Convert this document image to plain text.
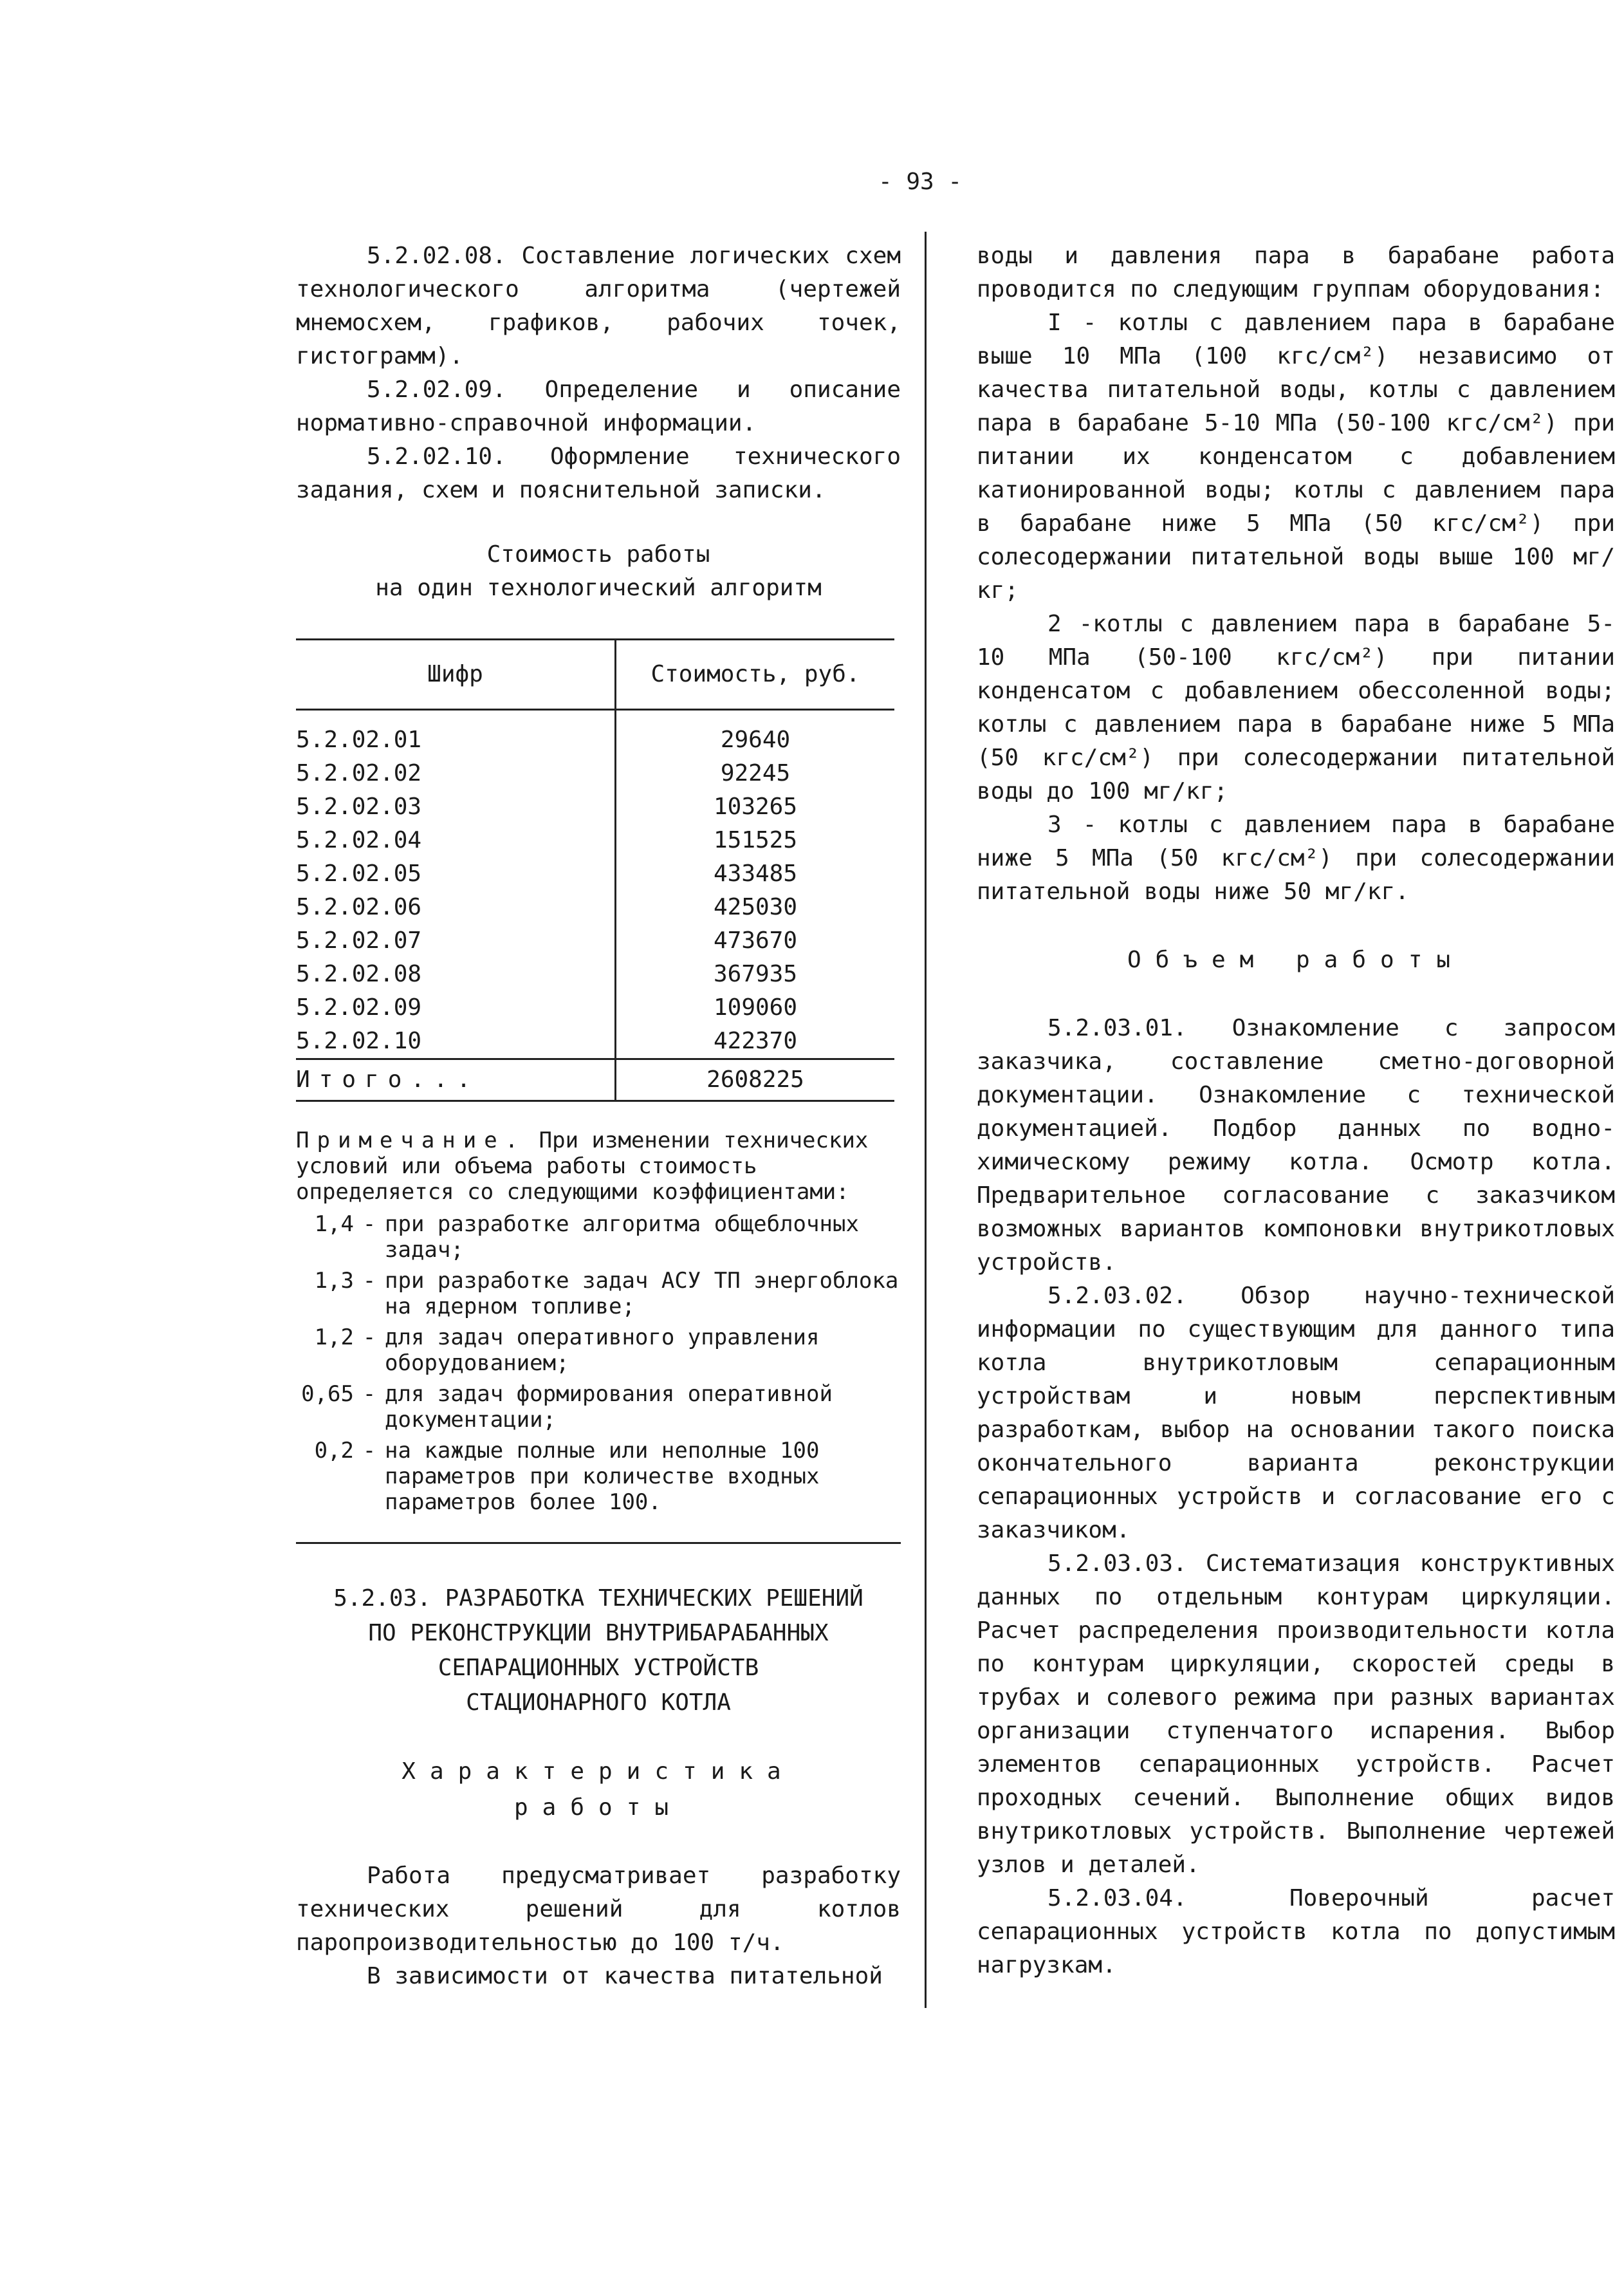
- 93 -

5.2.02.08. Составление логических схем технологического алгоритма (чертежей мнемосхем, графиков, рабочих точек, гистограмм).

5.2.02.09. Определение и описание нормативно-справочной информации.

5.2.02.10. Оформление технического задания, схем и пояснительной записки.

Стоимость работы
на один технологический алгоритм
Шифр	Стоимость, руб.
5.2.02.01	29640
5.2.02.02	92245
5.2.02.03	103265
5.2.02.04	151525
5.2.02.05	433485
5.2.02.06	425030
5.2.02.07	473670
5.2.02.08	367935
5.2.02.09	109060
5.2.02.10	422370
Итого...	2608225
Примечание. При изменении технических условий или объема работы стоимость определяется со следующими коэффициентами:
1,4 - при разработке алгоритма общеблочных задач;
1,3 - при разработке задач АСУ ТП энергоблока на ядерном топливе;
1,2 - для задач оперативного управления оборудованием;
0,65 - для задач формирования оперативной документации;
0,2 - на каждые полные или неполные 100 параметров при количестве входных параметров более 100.
5.2.03. РАЗРАБОТКА ТЕХНИЧЕСКИХ РЕШЕНИЙ
ПО РЕКОНСТРУКЦИИ ВНУТРИБАРАБАННЫХ
СЕПАРАЦИОННЫХ УСТРОЙСТВ
СТАЦИОНАРНОГО КОТЛА
Характеристика
работы

Работа предусматривает разработку технических решений для котлов паропроизводительностью до 100 т/ч.

В зависимости от качества питательной

воды и давления пара в барабане работа проводится по следующим группам оборудования:

I - котлы с давлением пара в барабане выше 10 МПа (100 кгс/см²) независимо от качества питательной воды, котлы с давлением пара в барабане 5-10 МПа (50-100 кгс/см²) при питании их конденсатом с добавлением катионированной воды; котлы с давлением пара в барабане ниже 5 МПа (50 кгс/см²) при солесодержании питательной воды выше 100 мг/кг;

2 -котлы с давлением пара в барабане 5-10 МПа (50-100 кгс/см²) при питании конденсатом с добавлением обессоленной воды; котлы с давлением пара в барабане ниже 5 МПа (50 кгс/см²) при солесодержании питательной воды до 100 мг/кг;

3 - котлы с давлением пара в барабане ниже 5 МПа (50 кгс/см²) при солесодержании питательной воды ниже 50 мг/кг.

Объем работы

5.2.03.01. Ознакомление с запросом заказчика, составление сметно-договорной документации. Ознакомление с технической документацией. Подбор данных по водно-химическому режиму котла. Осмотр котла. Предварительное согласование с заказчиком возможных вариантов компоновки внутрикотловых устройств.

5.2.03.02. Обзор научно-технической информации по существующим для данного типа котла внутрикотловым сепарационным устройствам и новым перспективным разработкам, выбор на основании такого поиска окончательного варианта реконструкции сепарационных устройств и согласование его с заказчиком.

5.2.03.03. Систематизация конструктивных данных по отдельным контурам циркуляции. Расчет распределения производительности котла по контурам циркуляции, скоростей среды в трубах и солевого режима при разных вариантах организации ступенчатого испарения. Выбор элементов сепарационных устройств. Расчет проходных сечений. Выполнение общих видов внутрикотловых устройств. Выполнение чертежей узлов и деталей.

5.2.03.04. Поверочный расчет сепарационных устройств котла по допустимым нагрузкам.
